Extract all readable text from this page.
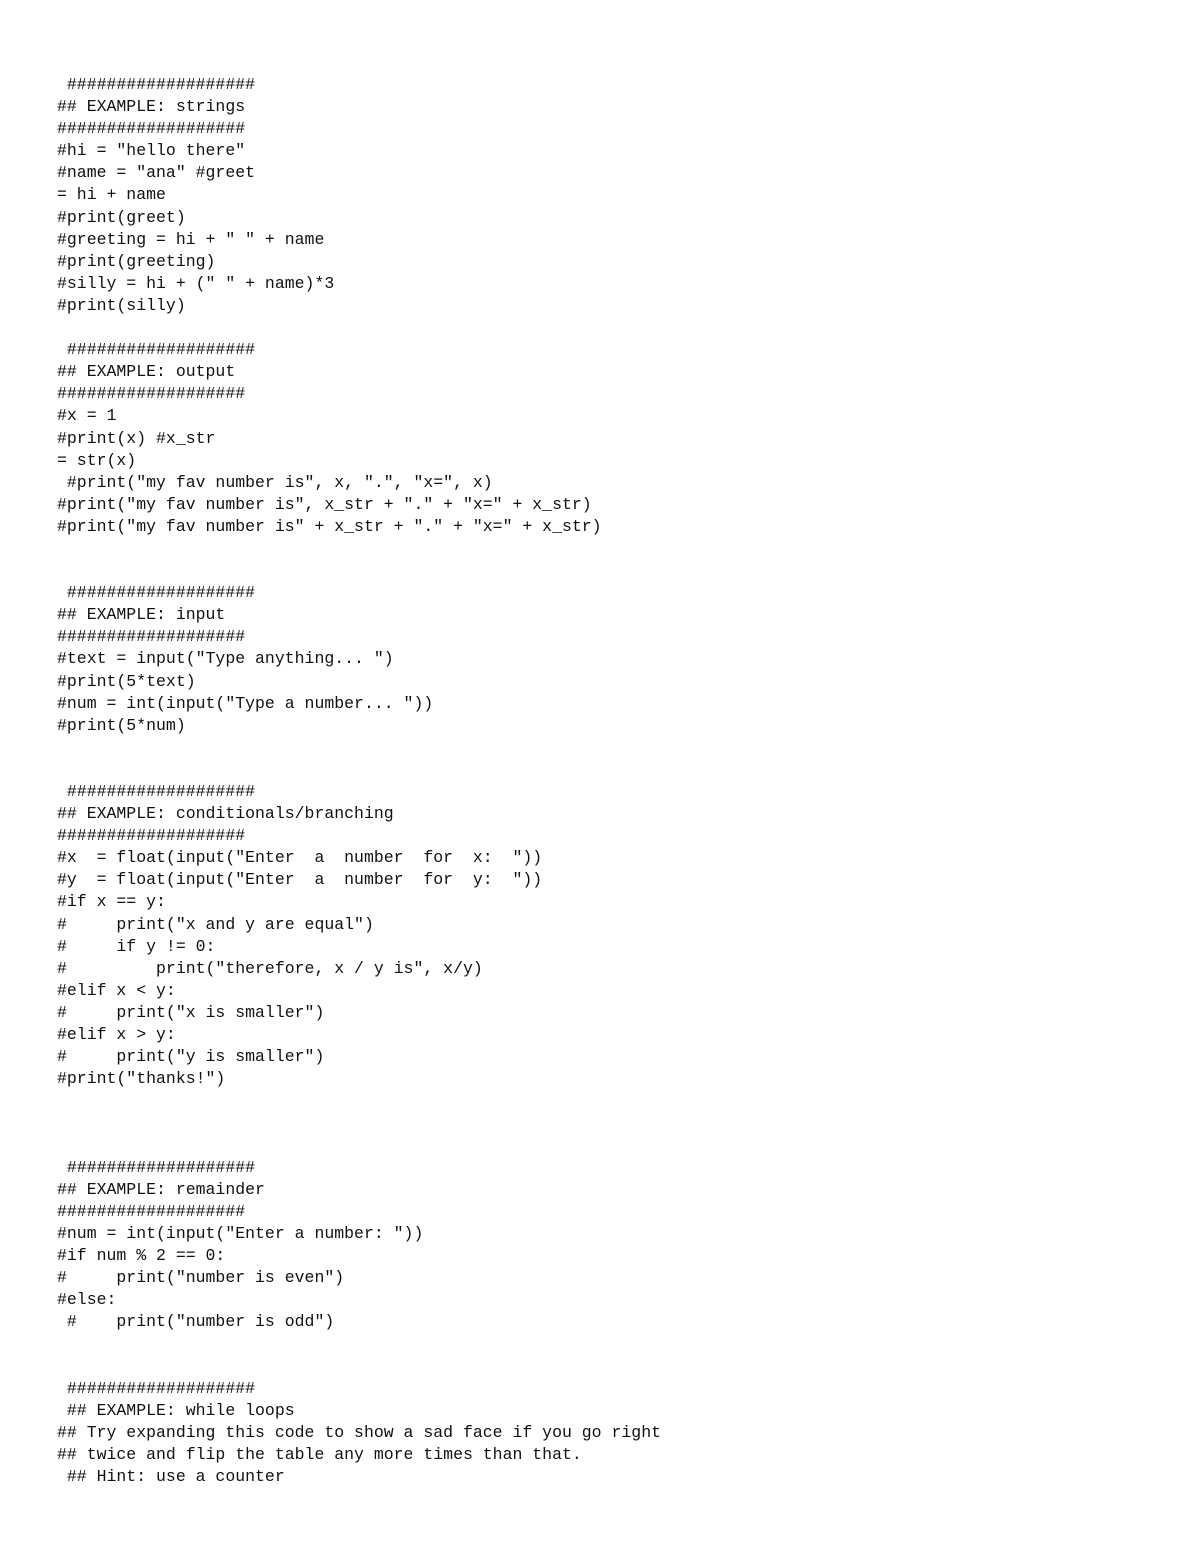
###################
## EXAMPLE: strings
###################
#hi = "hello there"
#name = "ana" #greet
= hi + name
#print(greet)
#greeting = hi + " " + name
#print(greeting)
#silly = hi + (" " + name)*3
#print(silly)
###################
## EXAMPLE: output
###################
#x = 1
#print(x) #x_str
= str(x)
#print("my fav number is", x, ".", "x=", x)
#print("my fav number is", x_str + "." + "x=" + x_str)
#print("my fav number is" + x_str + "." + "x=" + x_str)
###################
## EXAMPLE: input
###################
#text = input("Type anything... ")
#print(5*text)
#num = int(input("Type a number... "))
#print(5*num)
###################
## EXAMPLE: conditionals/branching
###################
#x  = float(input("Enter  a  number  for  x:  "))
#y  = float(input("Enter  a  number  for  y:  "))
#if x == y:
#     print("x and y are equal")
#     if y != 0:
#         print("therefore, x / y is", x/y)
#elif x < y:
#     print("x is smaller")
#elif x > y:
#     print("y is smaller")
#print("thanks!")
###################
## EXAMPLE: remainder
###################
#num = int(input("Enter a number: "))
#if num % 2 == 0:
#     print("number is even")
#else:
#    print("number is odd")
###################
## EXAMPLE: while loops
## Try expanding this code to show a sad face if you go right
## twice and flip the table any more times than that.
## Hint: use a counter
